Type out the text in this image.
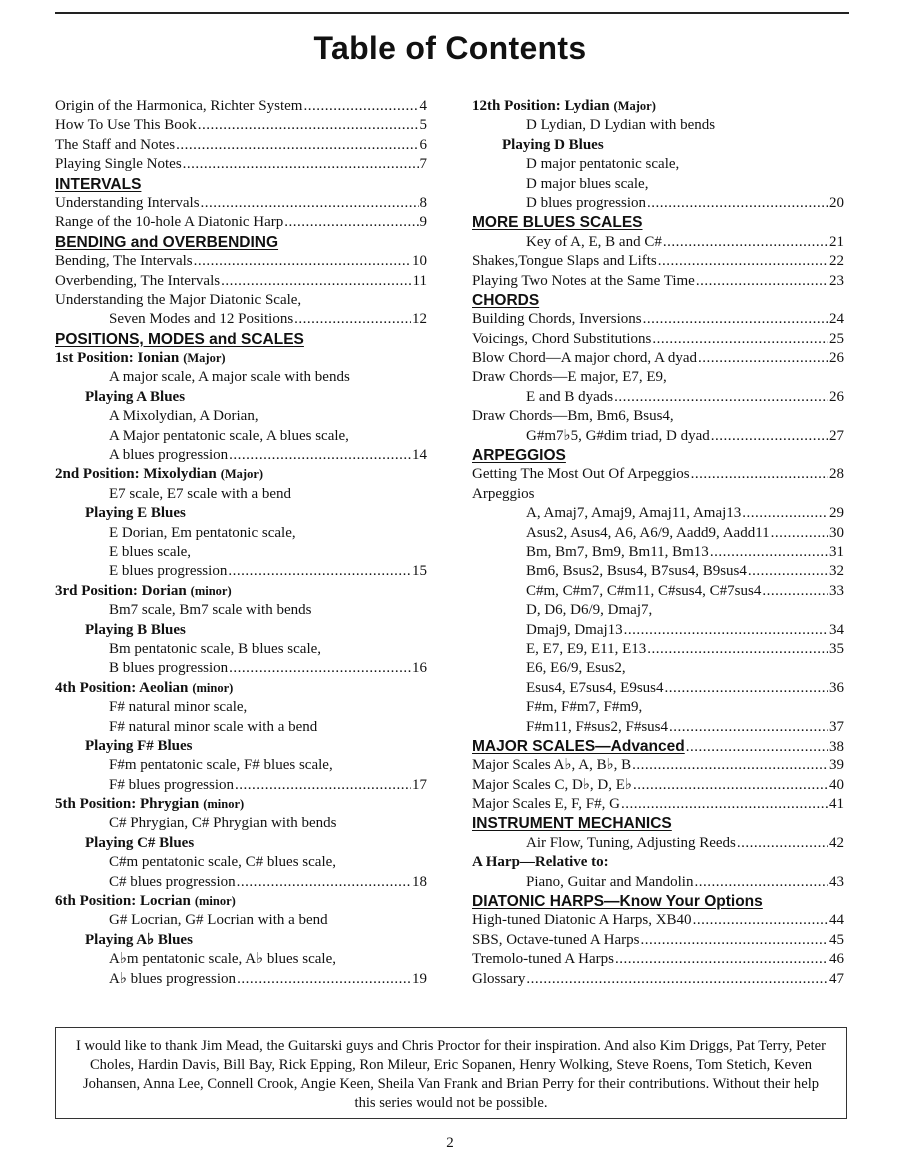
Table of Contents
Origin of the Harmonica, Richter System .....	4
How To Use This Book .....	5
The Staff and Notes .....	6
Playing Single Notes .....	7
INTERVALS
Understanding Intervals .....	8
Range of the 10-hole A Diatonic Harp .....	9
BENDING and OVERBENDING
Bending, The Intervals .....	10
Overbending, The Intervals .....	11
Understanding the Major Diatonic Scale,
Seven Modes and 12 Positions .....	12
POSITIONS, MODES and SCALES
1st Position: Ionian (Major)
A major scale, A major scale with bends
Playing A Blues
A Mixolydian, A Dorian,
A Major pentatonic scale, A blues scale,
A blues progression .....	14
2nd Position: Mixolydian (Major)
E7 scale, E7 scale with a bend
Playing E Blues
E Dorian, Em pentatonic scale,
E blues scale,
E blues progression .....	15
3rd Position: Dorian (minor)
Bm7 scale, Bm7 scale with bends
Playing B Blues
Bm pentatonic scale, B blues scale,
B blues progression .....	16
4th Position: Aeolian (minor)
F# natural minor scale,
F# natural minor scale with a bend
Playing F# Blues
F#m pentatonic scale, F# blues scale,
F# blues progression .....	17
5th Position: Phrygian (minor)
C# Phrygian, C# Phrygian with bends
Playing C# Blues
C#m pentatonic scale, C# blues scale,
C# blues progression .....	18
6th Position: Locrian (minor)
G# Locrian, G# Locrian with a bend
Playing A♭ Blues
A♭m pentatonic scale, A♭ blues scale,
A♭ blues progression .....	19
12th Position: Lydian (Major)
D Lydian, D Lydian with bends
Playing D Blues
D major pentatonic scale,
D major blues scale,
D blues progression .....	20
MORE BLUES SCALES
Key of A, E, B and C# .....	21
Shakes,Tongue Slaps and Lifts .....	22
Playing Two Notes at the Same Time .....	23
CHORDS
Building Chords, Inversions .....	24
Voicings, Chord Substitutions .....	25
Blow Chord—A major chord, A dyad .....	26
Draw Chords—E major, E7, E9,
E and B dyads .....	26
Draw Chords—Bm, Bm6, Bsus4,
G#m7♭5, G#dim triad, D dyad .....	27
ARPEGGIOS
Getting The Most Out Of Arpeggios .....	28
Arpeggios
A, Amaj7, Amaj9, Amaj11, Amaj13 .....	29
Asus2, Asus4, A6, A6/9, Aadd9, Aadd11 .....	30
Bm, Bm7, Bm9, Bm11, Bm13 .....	31
Bm6, Bsus2, Bsus4, B7sus4, B9sus4 .....	32
C#m, C#m7, C#m11, C#sus4, C#7sus4 .....	33
D, D6, D6/9, Dmaj7,
Dmaj9, Dmaj13 .....	34
E, E7, E9, E11, E13 .....	35
E6, E6/9, Esus2,
Esus4, E7sus4, E9sus4 .....	36
F#m, F#m7, F#m9,
F#m11, F#sus2, F#sus4 .....	37
MAJOR SCALES—Advanced .....	38
Major Scales A♭, A, B♭, B .....	39
Major Scales C, D♭, D, E♭ .....	40
Major Scales E, F, F#, G .....	41
INSTRUMENT MECHANICS
Air Flow, Tuning, Adjusting Reeds .....	42
A Harp—Relative to:
Piano, Guitar and Mandolin .....	43
DIATONIC HARPS—Know Your Options
High-tuned Diatonic A Harps, XB40 .....	44
SBS, Octave-tuned A Harps .....	45
Tremolo-tuned A Harps .....	46
Glossary .....	47
I would like to thank Jim Mead, the Guitarski guys and Chris Proctor for their inspiration. And also Kim Driggs, Pat Terry, Peter Choles, Hardin Davis, Bill Bay, Rick Epping, Ron Mileur, Eric Sopanen, Henry Wolking, Steve Roens, Tom Stetich, Keven Johansen, Anna Lee, Connell Crook, Angie Keen, Sheila Van Frank and Brian Perry for their contributions. Without their help this series would not be possible.
2
